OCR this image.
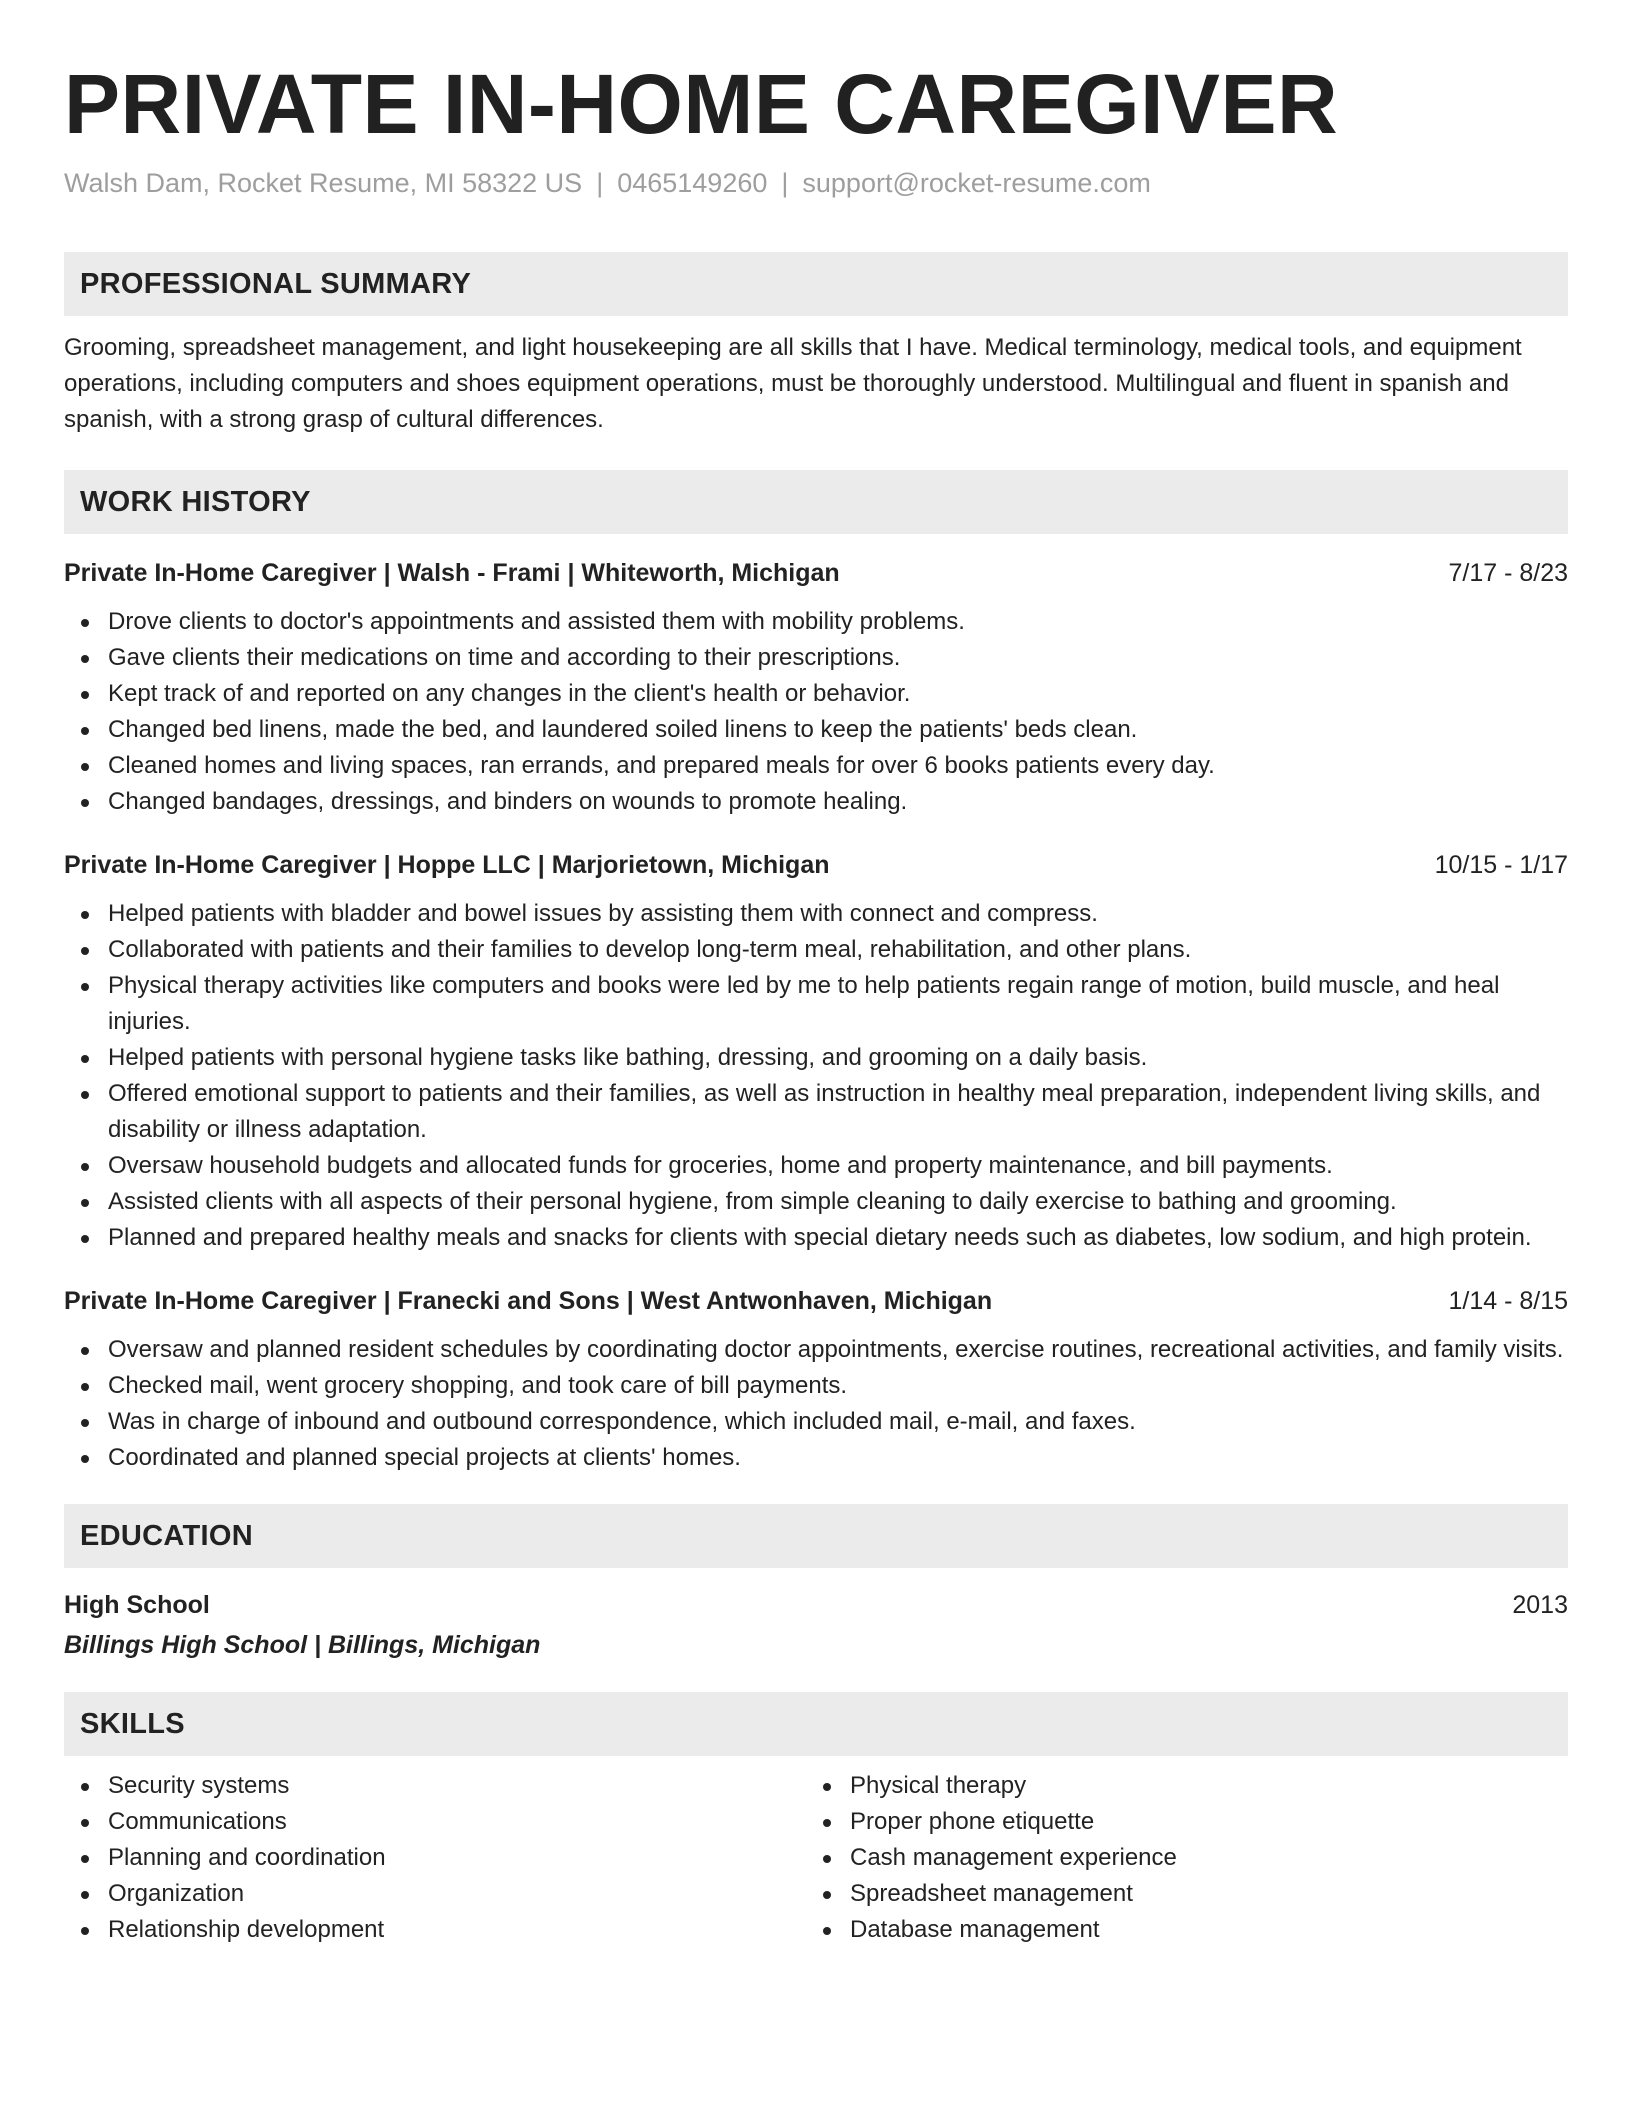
PRIVATE IN-HOME CAREGIVER
Walsh Dam, Rocket Resume, MI 58322 US | 0465149260 | support@rocket-resume.com
PROFESSIONAL SUMMARY
Grooming, spreadsheet management, and light housekeeping are all skills that I have. Medical terminology, medical tools, and equipment operations, including computers and shoes equipment operations, must be thoroughly understood. Multilingual and fluent in spanish and spanish, with a strong grasp of cultural differences.
WORK HISTORY
Private In-Home Caregiver | Walsh - Frami | Whiteworth, Michigan	7/17 - 8/23
Drove clients to doctor's appointments and assisted them with mobility problems.
Gave clients their medications on time and according to their prescriptions.
Kept track of and reported on any changes in the client's health or behavior.
Changed bed linens, made the bed, and laundered soiled linens to keep the patients' beds clean.
Cleaned homes and living spaces, ran errands, and prepared meals for over 6 books patients every day.
Changed bandages, dressings, and binders on wounds to promote healing.
Private In-Home Caregiver | Hoppe LLC | Marjorietown, Michigan	10/15 - 1/17
Helped patients with bladder and bowel issues by assisting them with connect and compress.
Collaborated with patients and their families to develop long-term meal, rehabilitation, and other plans.
Physical therapy activities like computers and books were led by me to help patients regain range of motion, build muscle, and heal injuries.
Helped patients with personal hygiene tasks like bathing, dressing, and grooming on a daily basis.
Offered emotional support to patients and their families, as well as instruction in healthy meal preparation, independent living skills, and disability or illness adaptation.
Oversaw household budgets and allocated funds for groceries, home and property maintenance, and bill payments.
Assisted clients with all aspects of their personal hygiene, from simple cleaning to daily exercise to bathing and grooming.
Planned and prepared healthy meals and snacks for clients with special dietary needs such as diabetes, low sodium, and high protein.
Private In-Home Caregiver | Franecki and Sons | West Antwonhaven, Michigan	1/14 - 8/15
Oversaw and planned resident schedules by coordinating doctor appointments, exercise routines, recreational activities, and family visits.
Checked mail, went grocery shopping, and took care of bill payments.
Was in charge of inbound and outbound correspondence, which included mail, e-mail, and faxes.
Coordinated and planned special projects at clients' homes.
EDUCATION
High School	2013
Billings High School | Billings, Michigan
SKILLS
Security systems
Communications
Planning and coordination
Organization
Relationship development
Physical therapy
Proper phone etiquette
Cash management experience
Spreadsheet management
Database management
